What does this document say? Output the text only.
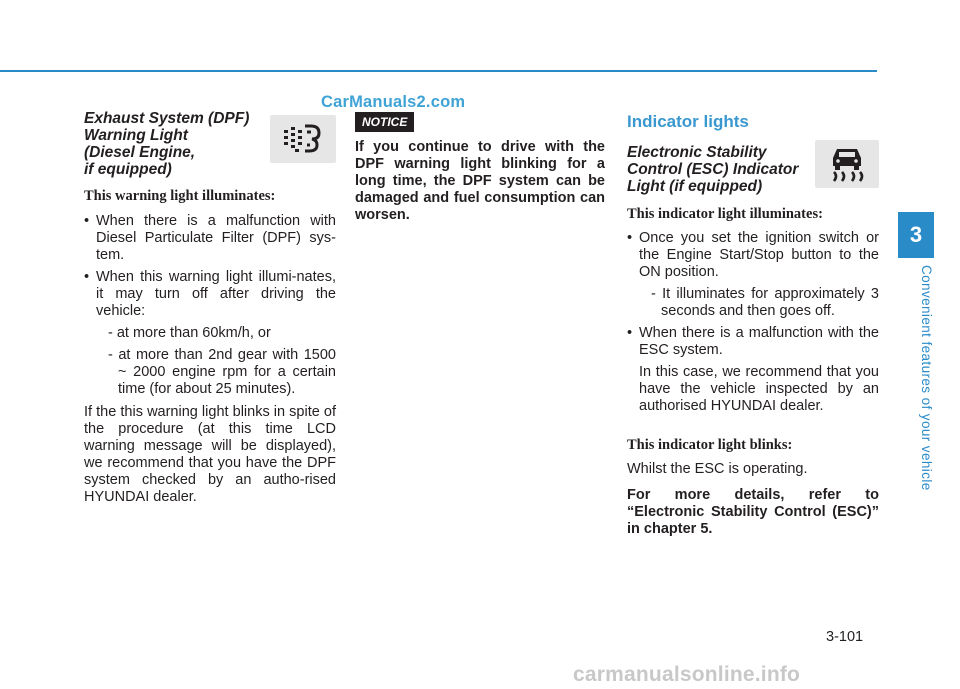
CarManuals2.com
Exhaust System (DPF)
Warning Light
(Diesel Engine,
if equipped)
This warning light illuminates:
• When there is a malfunction with Diesel Particulate Filter (DPF) sys-tem.
• When this warning light illumi-nates, it may turn off after driving the vehicle:
- at more than 60km/h, or
- at more than 2nd gear with 1500 ~ 2000 engine rpm for a certain time (for about 25 minutes).

If the this warning light blinks in spite of the procedure (at this time LCD warning message will be displayed), we recommend that you have the DPF system checked by an autho-rised HYUNDAI dealer.

NOTICE

If you continue to drive with the DPF warning light blinking for a long time, the DPF system can be damaged and fuel consumption can worsen.

Indicator lights
Electronic Stability
Control (ESC) Indicator
Light (if equipped)
This indicator light illuminates:
• Once you set the ignition switch or the Engine Start/Stop button to the ON position.
- It illuminates for approximately 3 seconds and then goes off.
• When there is a malfunction with the ESC system.
In this case, we recommend that you have the vehicle inspected by an authorised HYUNDAI dealer.
This indicator light blinks:

Whilst the ESC is operating.

For more details, refer to “Electronic Stability Control (ESC)” in chapter 5.

3
Convenient features of your vehicle
3-101
carmanualsonline.info
